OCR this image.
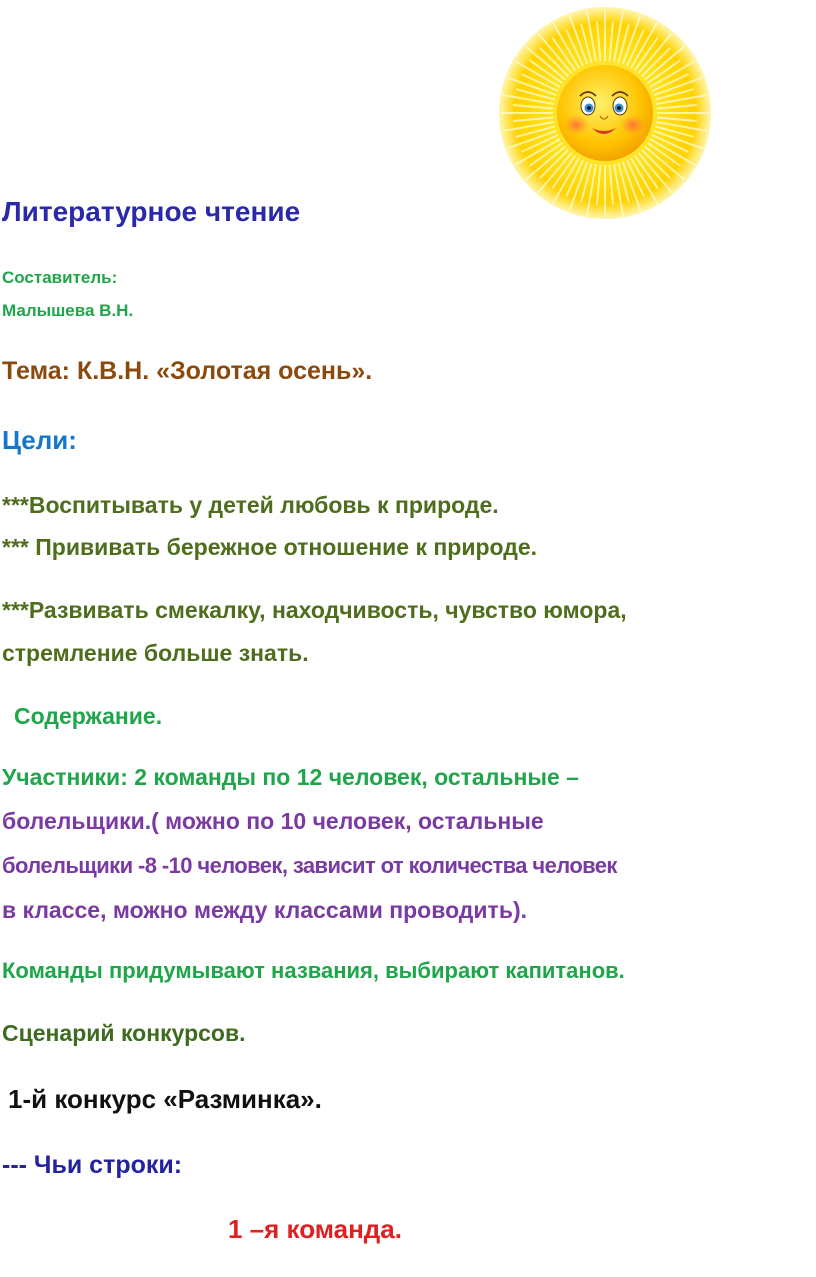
Литературное чтение

Составитель:

Малышева В.Н.

Тема: К.В.Н. «Золотая осень».

Цели:

***Воспитывать у детей любовь к природе.

*** Прививать бережное отношение к природе.

***Развивать смекалку, находчивость, чувство юмора,

стремление больше знать.

Содержание.

Участники: 2 команды по 12 человек, остальные –

болельщики.( можно по 10 человек, остальные

болельщики -8 -10 человек, зависит от количества человек

в классе, можно между классами проводить).

Команды придумывают названия, выбирают капитанов.

Сценарий конкурсов.

1-й конкурс «Разминка».

--- Чьи строки:

1 –я команда.
